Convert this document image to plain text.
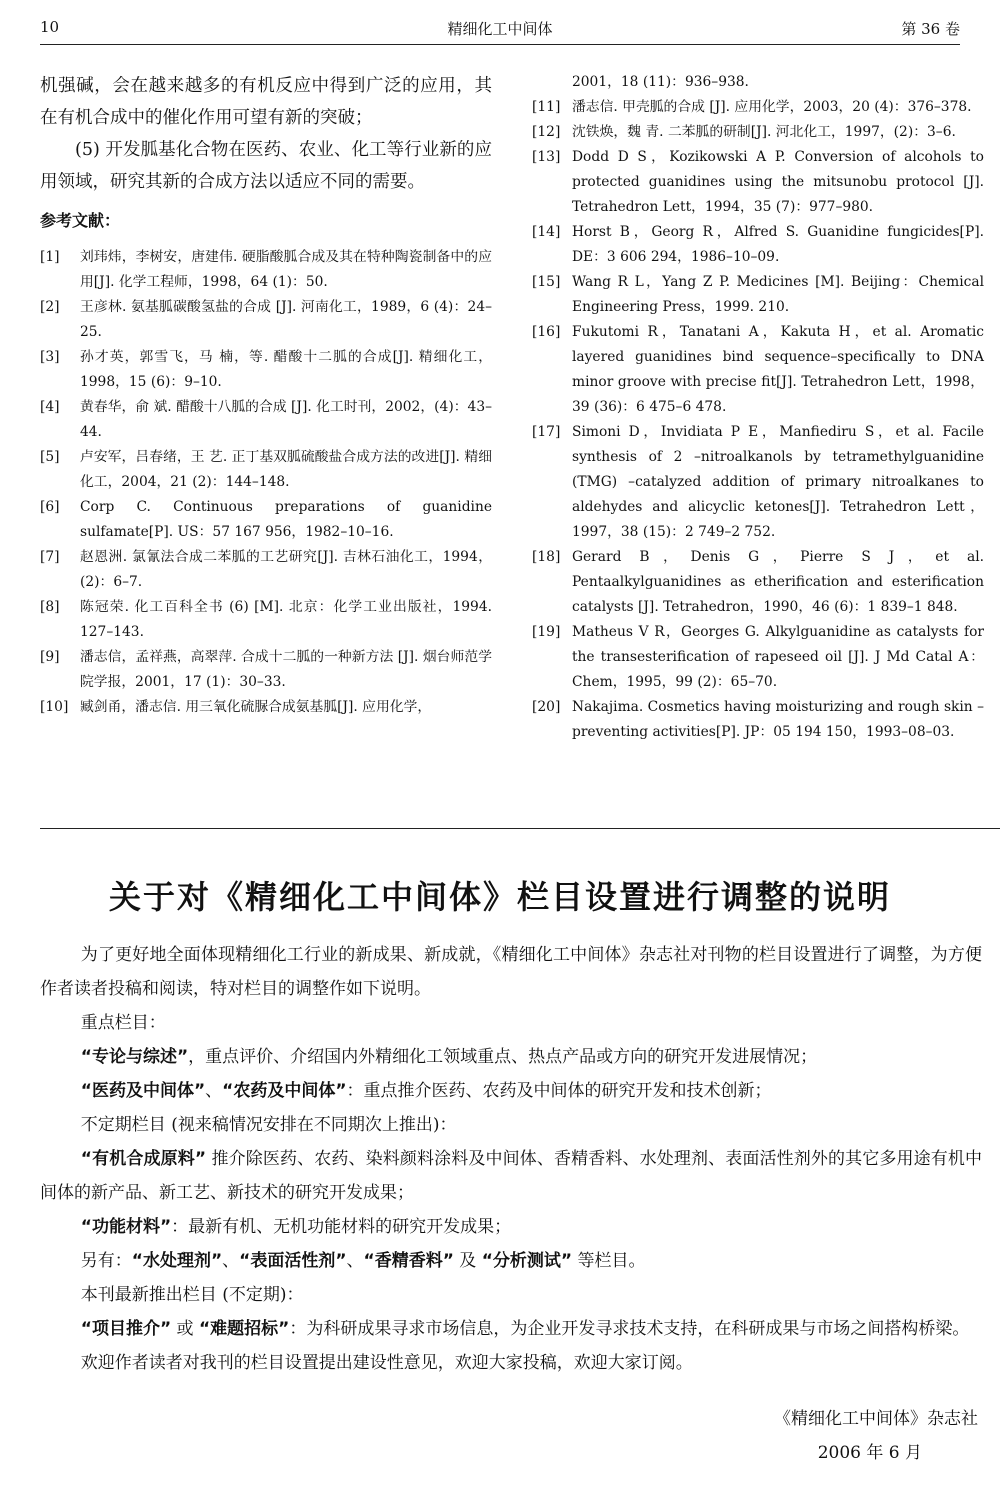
10	精细化工中间体	第 36 卷

机强碱，会在越来越多的有机反应中得到广泛的应用，其在有机合成中的催化作用可望有新的突破；

(5) 开发胍基化合物在医药、农业、化工等行业新的应用领域，研究其新的合成方法以适应不同的需要。

参考文献：
[1] 刘玮炜，李树安，唐建伟. 硬脂酸胍合成及其在特种陶瓷制备中的应用[J]. 化学工程师，1998，64 (1)：50.
[2] 王彦林. 氨基胍碳酸氢盐的合成 [J]. 河南化工，1989，6 (4)：24–25.
[3] 孙才英，郭雪飞，马 楠，等. 醋酸十二胍的合成[J]. 精细化工，1998，15 (6)：9–10.
[4] 黄春华，俞 斌. 醋酸十八胍的合成 [J]. 化工时刊，2002，(4)：43–44.
[5] 卢安军，吕春绪，王 艺. 正丁基双胍硫酸盐合成方法的改进[J]. 精细化工，2004，21 (2)：144–148.
[6] Corp C. Continuous preparations of guanidine sulfamate[P]. US：57 167 956，1982–10–16.
[7] 赵恩洲. 氯氰法合成二苯胍的工艺研究[J]. 吉林石油化工，1994，(2)：6–7.
[8] 陈冠荣. 化工百科全书 (6) [M]. 北京：化学工业出版社，1994. 127–143.
[9] 潘志信，孟祥燕，高翠萍. 合成十二胍的一种新方法 [J]. 烟台师范学院学报，2001，17 (1)：30–33.
[10] 臧剑甬，潘志信. 用三氧化硫脲合成氨基胍[J]. 应用化学，
2001，18 (11)：936–938.
[11] 潘志信. 甲壳胍的合成 [J]. 应用化学，2003，20 (4)：376–378.
[12] 沈铁焕，魏 青. 二苯胍的研制[J]. 河北化工，1997，(2)：3–6.
[13] Dodd D S，Kozikowski A P. Conversion of alcohols to protected guanidines using the mitsunobu protocol [J]. Tetrahedron Lett，1994，35 (7)：977–980.
[14] Horst B，Georg R，Alfred S. Guanidine fungicides[P]. DE：3 606 294，1986–10–09.
[15] Wang R L，Yang Z P. Medicines [M]. Beijing：Chemical Engineering Press，1999. 210.
[16] Fukutomi R，Tanatani A，Kakuta H，et al. Aromatic layered guanidines bind sequence–specifically to DNA minor groove with precise fit[J]. Tetrahedron Lett，1998，39 (36)：6 475–6 478.
[17] Simoni D，Invidiata P E，Manfiediru S，et al. Facile synthesis of 2 –nitroalkanols by tetramethylguanidine (TMG) –catalyzed addition of primary nitroalkanes to aldehydes and alicyclic ketones[J]. Tetrahedron Lett，1997，38 (15)：2 749–2 752.
[18] Gerard B，Denis G，Pierre S J，et al. Pentaalkylguanidines as etherification and esterification catalysts [J]. Tetrahedron，1990，46 (6)：1 839–1 848.
[19] Matheus V R，Georges G. Alkylguanidine as catalysts for the transesterification of rapeseed oil [J]. J Md Catal A：Chem，1995，99 (2)：65–70.
[20] Nakajima. Cosmetics having moisturizing and rough skin – preventing activities[P]. JP：05 194 150，1993–08–03.
关于对《精细化工中间体》栏目设置进行调整的说明

为了更好地全面体现精细化工行业的新成果、新成就，《精细化工中间体》杂志社对刊物的栏目设置进行了调整，为方便作者读者投稿和阅读，特对栏目的调整作如下说明。

重点栏目：

“专论与综述”，重点评价、介绍国内外精细化工领域重点、热点产品或方向的研究开发进展情况；

“医药及中间体”、“农药及中间体”：重点推介医药、农药及中间体的研究开发和技术创新；

不定期栏目 (视来稿情况安排在不同期次上推出)：

“有机合成原料” 推介除医药、农药、染料颜料涂料及中间体、香精香料、水处理剂、表面活性剂外的其它多用途有机中间体的新产品、新工艺、新技术的研究开发成果；

“功能材料”：最新有机、无机功能材料的研究开发成果；

另有：“水处理剂”、“表面活性剂”、“香精香料” 及 “分析测试” 等栏目。

本刊最新推出栏目 (不定期)：

“项目推介” 或 “难题招标”：为科研成果寻求市场信息，为企业开发寻求技术支持，在科研成果与市场之间搭构桥梁。

欢迎作者读者对我刊的栏目设置提出建设性意见，欢迎大家投稿，欢迎大家订阅。

《精细化工中间体》杂志社
2006 年 6 月
